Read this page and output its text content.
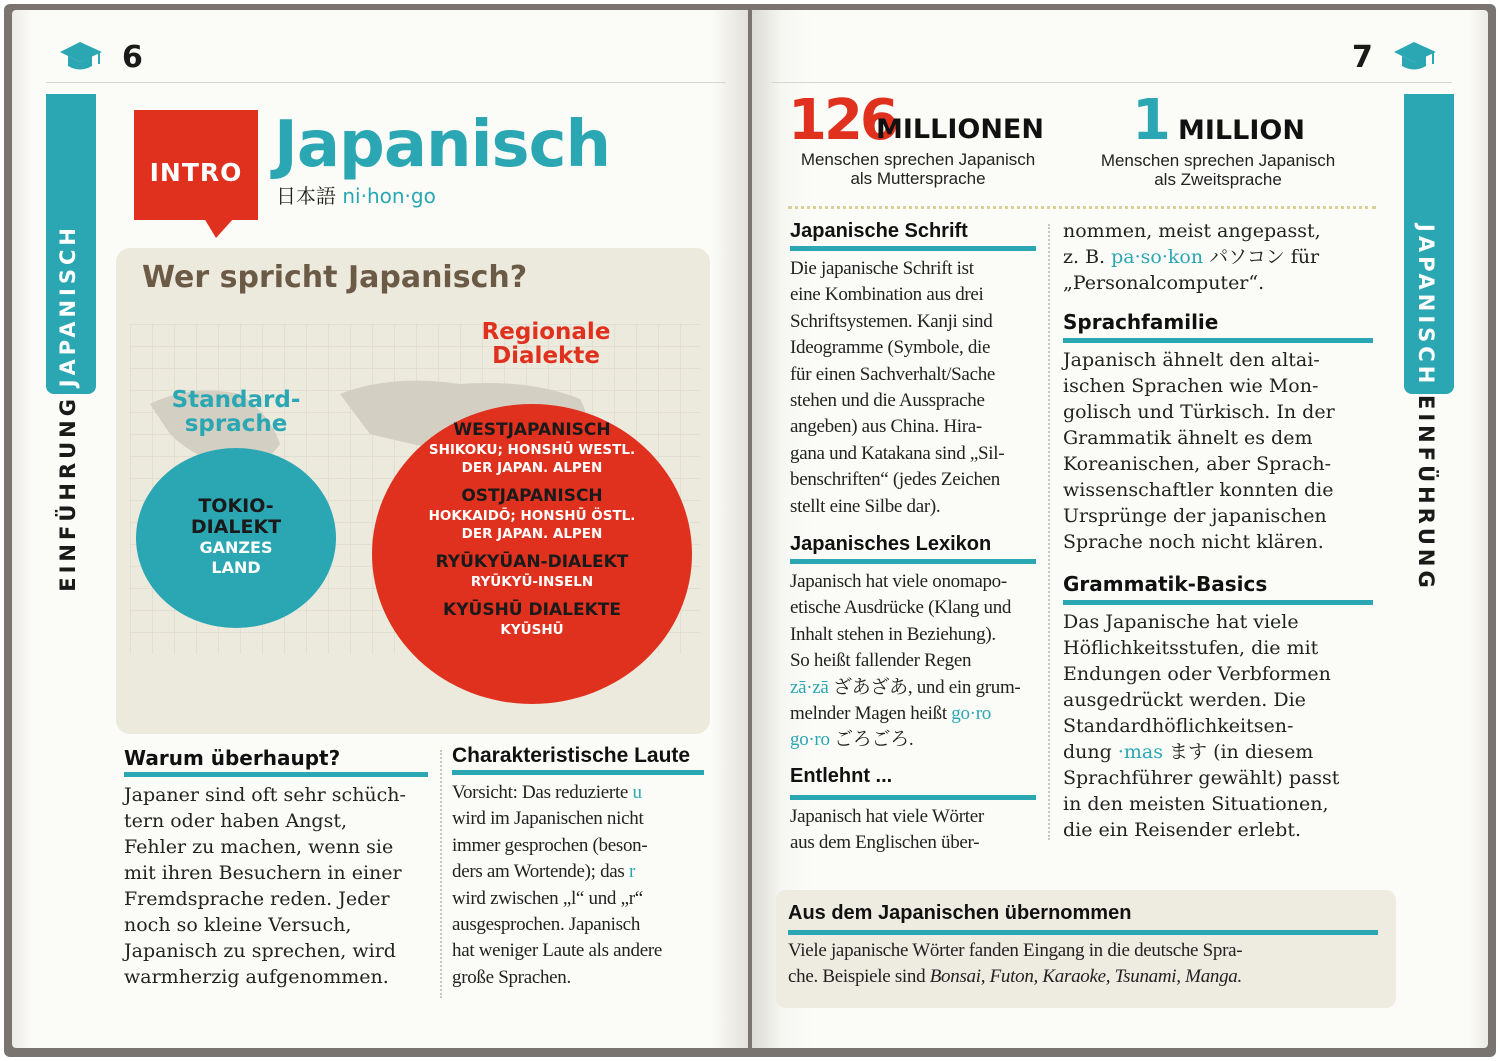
6
JAPANISCH
EINFÜHRUNG
INTRO Japanisch
日本語 ni·hon·go
Wer spricht Japanisch?
Standard-
sprache
TOKIO-
DIALEKT
GANZES
LAND
Regionale
Dialekte
WESTJAPANISCH
SHIKOKU; HONSHŪ WESTL.
DER JAPAN. ALPEN
OSTJAPANISCH
HOKKAIDŌ; HONSHŪ ÖSTL.
DER JAPAN. ALPEN
RYŪKYŪAN-DIALEKT
RYŪKYŪ-INSELN
KYŪSHŪ DIALEKTE
KYŪSHŪ
Warum überhaupt?
Japaner sind oft sehr schüch-
tern oder haben Angst,
Fehler zu machen, wenn sie
mit ihren Besuchern in einer
Fremdsprache reden. Jeder
noch so kleine Versuch,
Japanisch zu sprechen, wird
warmherzig aufgenommen.
Charakteristische Laute
Vorsicht: Das reduzierte u
wird im Japanischen nicht
immer gesprochen (beson-
ders am Wortende); das r
wird zwischen „l“ und „r“
ausgesprochen. Japanisch
hat weniger Laute als andere
große Sprachen.
7
JAPANISCH
EINFÜHRUNG
126
MILLIONEN
Menschen sprechen Japanisch
als Muttersprache
1 MILLION
Menschen sprechen Japanisch
als Zweitsprache
Japanische Schrift
Die japanische Schrift ist
eine Kombination aus drei
Schriftsystemen. Kanji sind
Ideogramme (Symbole, die
für einen Sachverhalt/Sache
stehen und die Aussprache
angeben) aus China. Hira-
gana und Katakana sind „Sil-
benschriften“ (jedes Zeichen
stellt eine Silbe dar).
Japanisches Lexikon
Japanisch hat viele onomapo-
etische Ausdrücke (Klang und
Inhalt stehen in Beziehung).
So heißt fallender Regen
zā·zā ざあざあ, und ein grum-
melnder Magen heißt go·ro
go·ro ごろごろ.
Entlehnt ...
Japanisch hat viele Wörter
aus dem Englischen über-
nommen, meist angepasst,
z. B. pa·so·kon パソコン für
„Personalcomputer“.
Sprachfamilie
Japanisch ähnelt den altai-
ischen Sprachen wie Mon-
golisch und Türkisch. In der
Grammatik ähnelt es dem
Koreanischen, aber Sprach-
wissenschaftler konnten die
Ursprünge der japanischen
Sprache noch nicht klären.
Grammatik-Basics
Das Japanische hat viele
Höflichkeitsstufen, die mit
Endungen oder Verbformen
ausgedrückt werden. Die
Standardhöflichkeitsen-
dung ·mas ます (in diesem
Sprachführer gewählt) passt
in den meisten Situationen,
die ein Reisender erlebt.
Aus dem Japanischen übernommen
Viele japanische Wörter fanden Eingang in die deutsche Spra-
che. Beispiele sind Bonsai, Futon, Karaoke, Tsunami, Manga.
